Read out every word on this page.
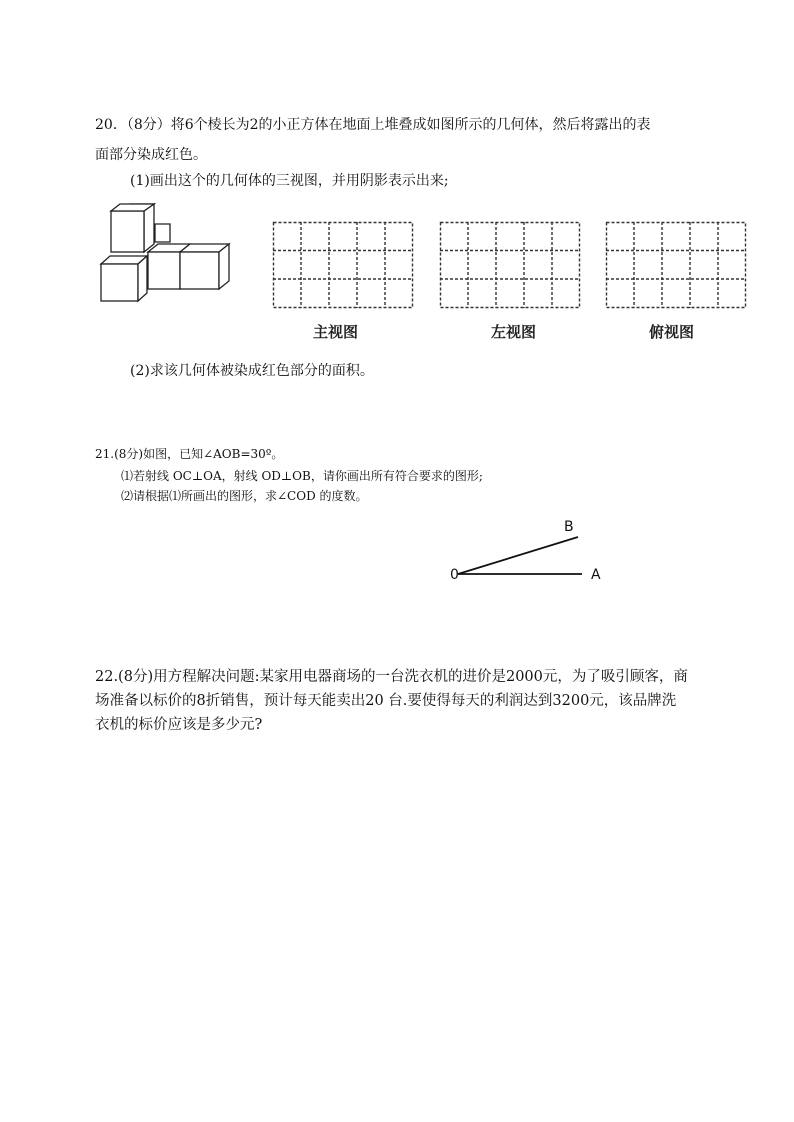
20．（8分）将6个棱长为2的小正方体在地面上堆叠成如图所示的几何体，然后将露出的表
面部分染成红色。
(1)画出这个的几何体的三视图，并用阴影表示出来;
主视图	左视图	俯视图
(2)求该几何体被染成红色部分的面积。
21.(8分)如图，已知∠AOB=30º。
⑴若射线 OC⊥OA，射线 OD⊥OB，请你画出所有符合要求的图形;
⑵请根据⑴所画出的图形，求∠COD 的度数。
0	A
B
22.(8分)用方程解决问题:某家用电器商场的一台洗衣机的进价是2000元，为了吸引顾客，商
场准备以标价的8折销售，预计每天能卖出20 台.要使得每天的利润达到3200元，该品牌洗
衣机的标价应该是多少元?
